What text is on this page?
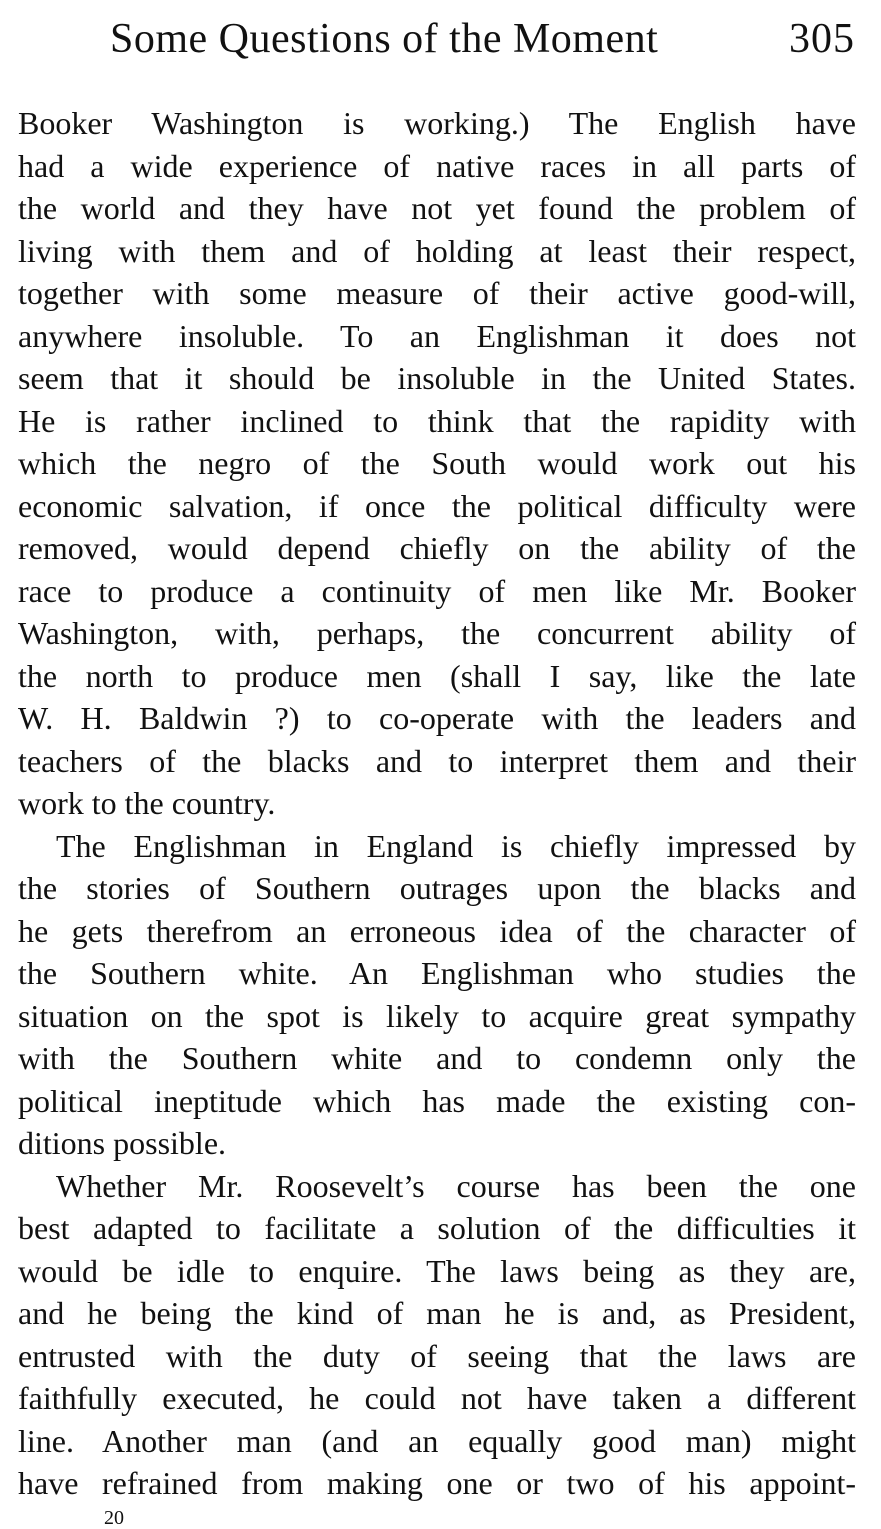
Some Questions of the Moment	305
Booker Washington is working.) The English have
had a wide experience of native races in all parts of
the world and they have not yet found the problem of
living with them and of holding at least their respect,
together with some measure of their active good-will,
anywhere insoluble. To an Englishman it does not
seem that it should be insoluble in the United States.
He is rather inclined to think that the rapidity with
which the negro of the South would work out his
economic salvation, if once the political difficulty were
removed, would depend chiefly on the ability of the
race to produce a continuity of men like Mr. Booker
Washington, with, perhaps, the concurrent ability of
the north to produce men (shall I say, like the late
W. H. Baldwin ?) to co-operate with the leaders and
teachers of the blacks and to interpret them and their
work to the country.
The Englishman in England is chiefly impressed by
the stories of Southern outrages upon the blacks and
he gets therefrom an erroneous idea of the character of
the Southern white. An Englishman who studies the
situation on the spot is likely to acquire great sympathy
with the Southern white and to condemn only the
political ineptitude which has made the existing con-
ditions possible.
Whether Mr. Roosevelt’s course has been the one
best adapted to facilitate a solution of the difficulties it
would be idle to enquire. The laws being as they are,
and he being the kind of man he is and, as President,
entrusted with the duty of seeing that the laws are
faithfully executed, he could not have taken a different
line. Another man (and an equally good man) might
have refrained from making one or two of his appoint-
20
